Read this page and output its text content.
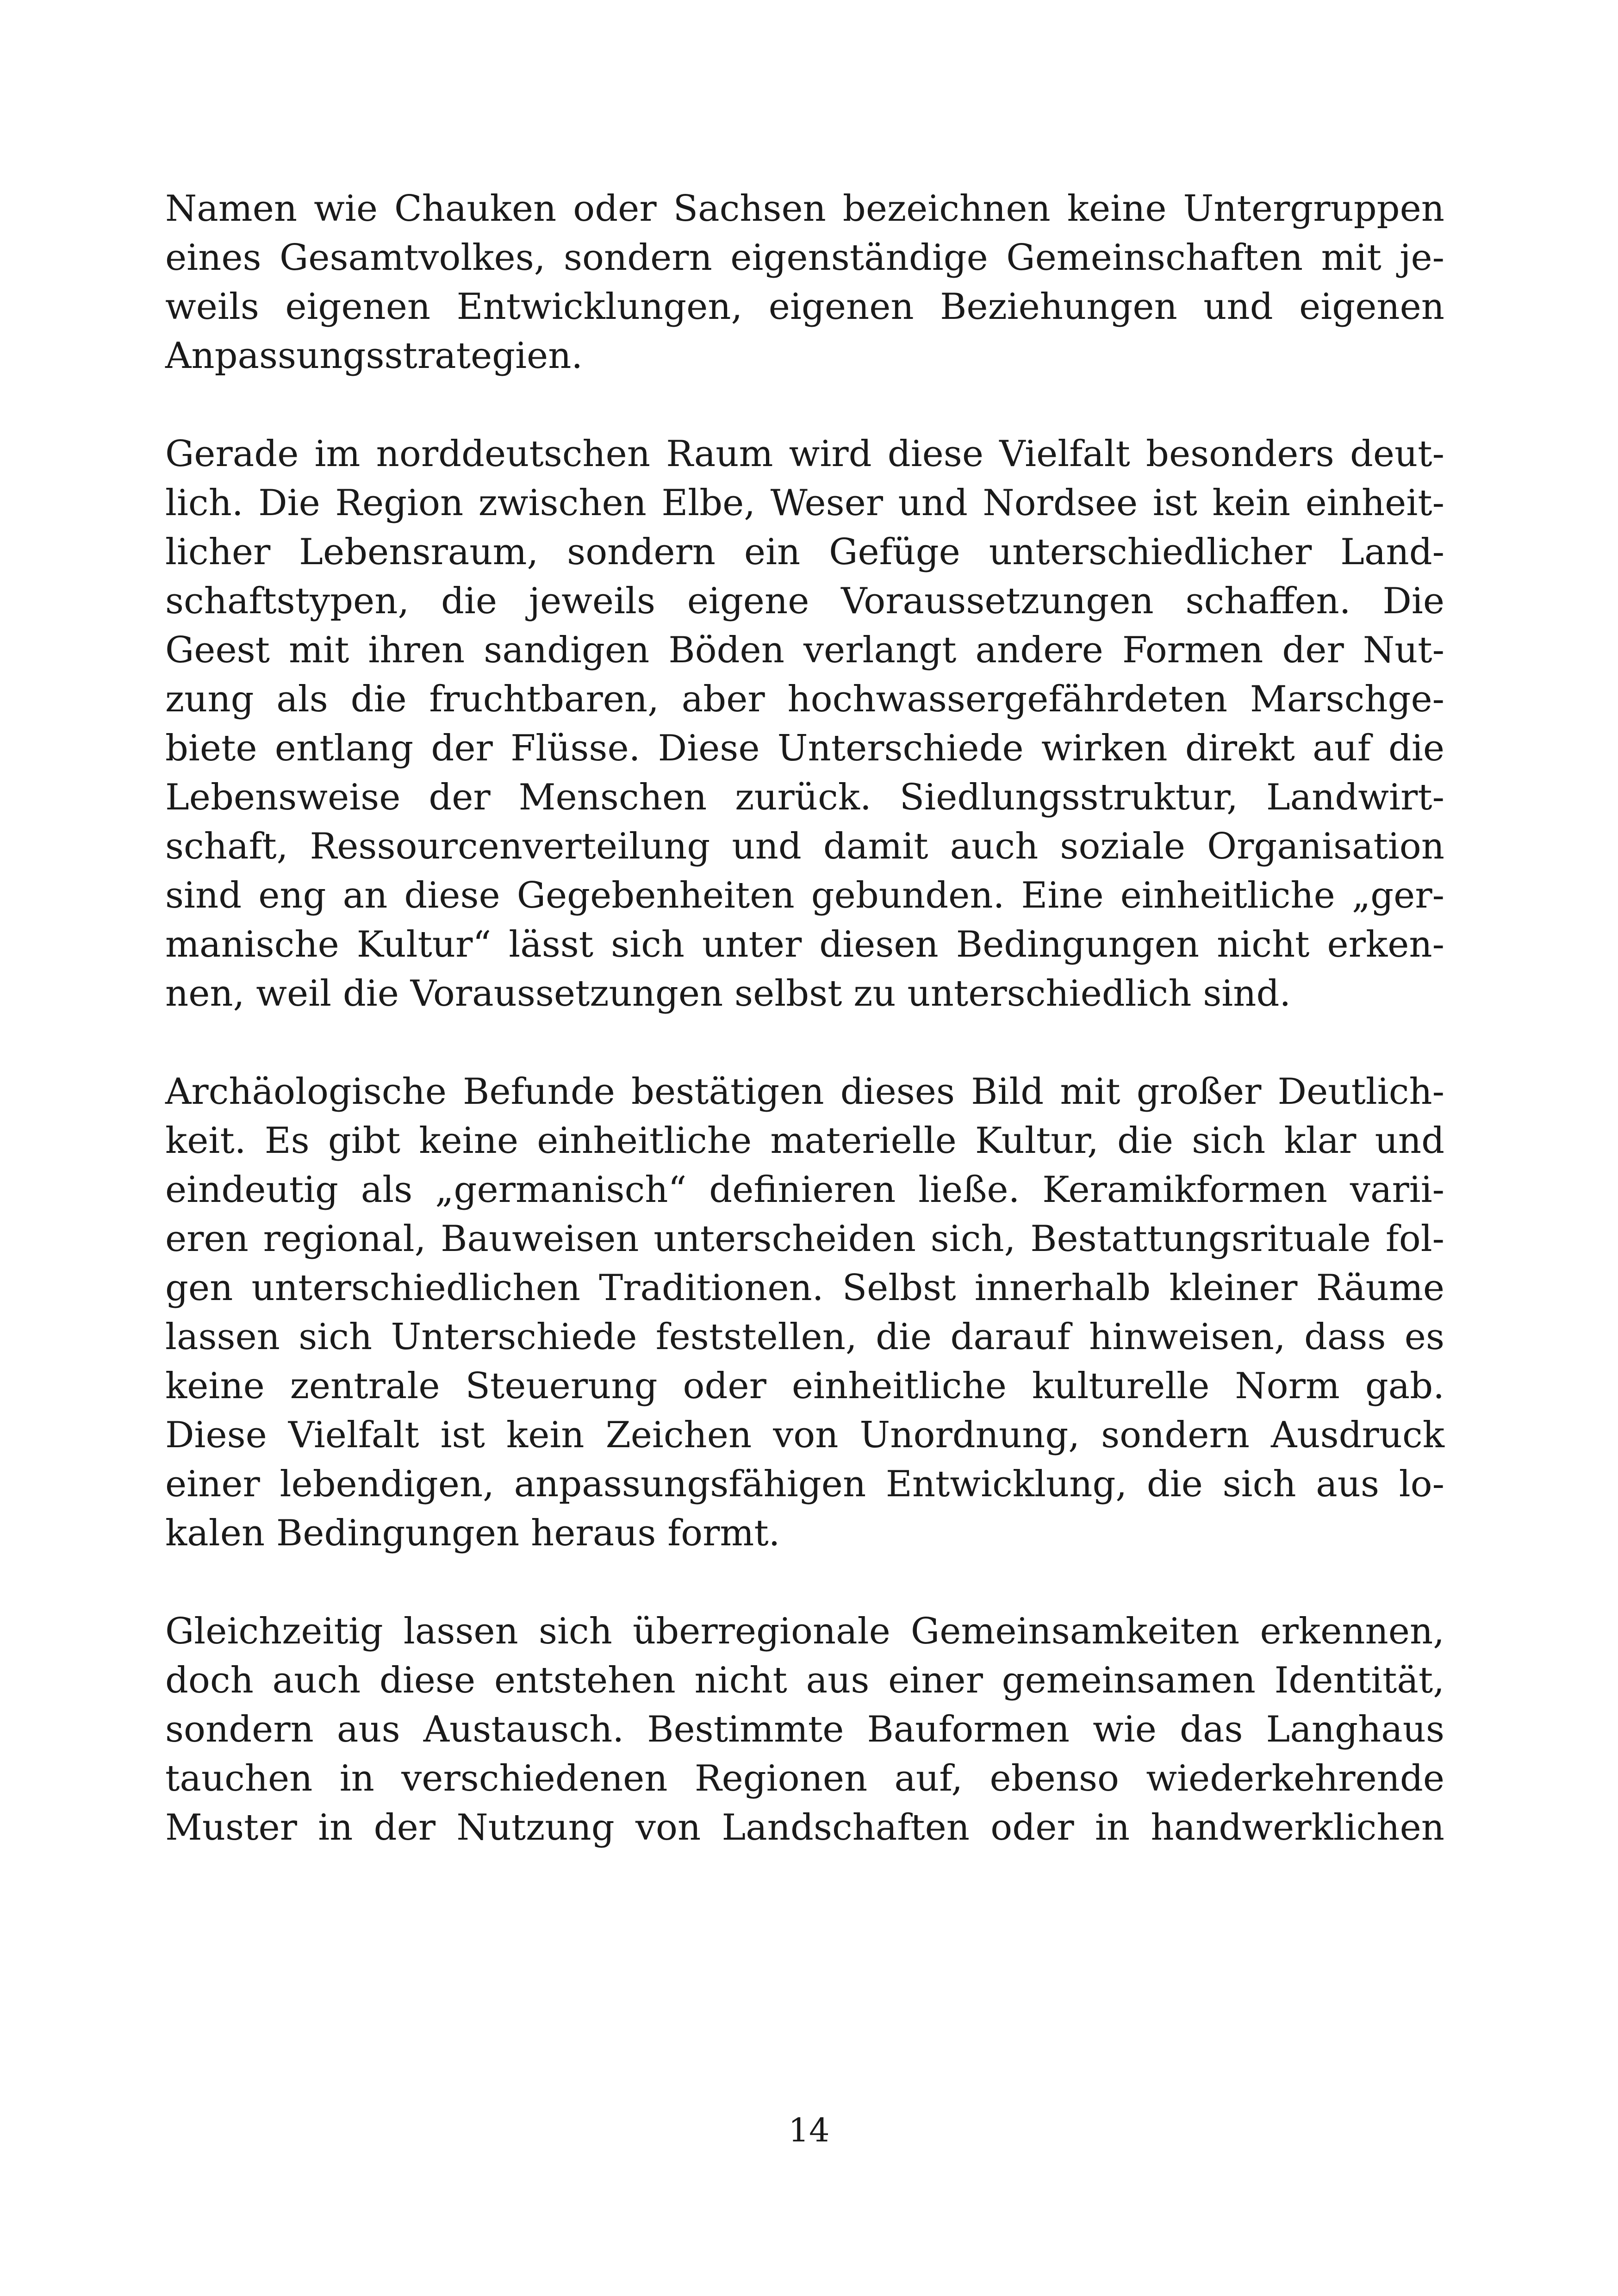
Namen wie Chauken oder Sachsen bezeichnen keine Untergruppen
eines Gesamtvolkes, sondern eigenständige Gemeinschaften mit je-
weils eigenen Entwicklungen, eigenen Beziehungen und eigenen
Anpassungsstrategien.

Gerade im norddeutschen Raum wird diese Vielfalt besonders deut-
lich. Die Region zwischen Elbe, Weser und Nordsee ist kein einheit-
licher Lebensraum, sondern ein Gefüge unterschiedlicher Land-
schaftstypen, die jeweils eigene Voraussetzungen schaffen. Die
Geest mit ihren sandigen Böden verlangt andere Formen der Nut-
zung als die fruchtbaren, aber hochwassergefährdeten Marschge-
biete entlang der Flüsse. Diese Unterschiede wirken direkt auf die
Lebensweise der Menschen zurück. Siedlungsstruktur, Landwirt-
schaft, Ressourcenverteilung und damit auch soziale Organisation
sind eng an diese Gegebenheiten gebunden. Eine einheitliche „ger-
manische Kultur“ lässt sich unter diesen Bedingungen nicht erken-
nen, weil die Voraussetzungen selbst zu unterschiedlich sind.

Archäologische Befunde bestätigen dieses Bild mit großer Deutlich-
keit. Es gibt keine einheitliche materielle Kultur, die sich klar und
eindeutig als „germanisch“ definieren ließe. Keramikformen varii-
eren regional, Bauweisen unterscheiden sich, Bestattungsrituale fol-
gen unterschiedlichen Traditionen. Selbst innerhalb kleiner Räume
lassen sich Unterschiede feststellen, die darauf hinweisen, dass es
keine zentrale Steuerung oder einheitliche kulturelle Norm gab.
Diese Vielfalt ist kein Zeichen von Unordnung, sondern Ausdruck
einer lebendigen, anpassungsfähigen Entwicklung, die sich aus lo-
kalen Bedingungen heraus formt.

Gleichzeitig lassen sich überregionale Gemeinsamkeiten erkennen,
doch auch diese entstehen nicht aus einer gemeinsamen Identität,
sondern aus Austausch. Bestimmte Bauformen wie das Langhaus
tauchen in verschiedenen Regionen auf, ebenso wiederkehrende
Muster in der Nutzung von Landschaften oder in handwerklichen

14
